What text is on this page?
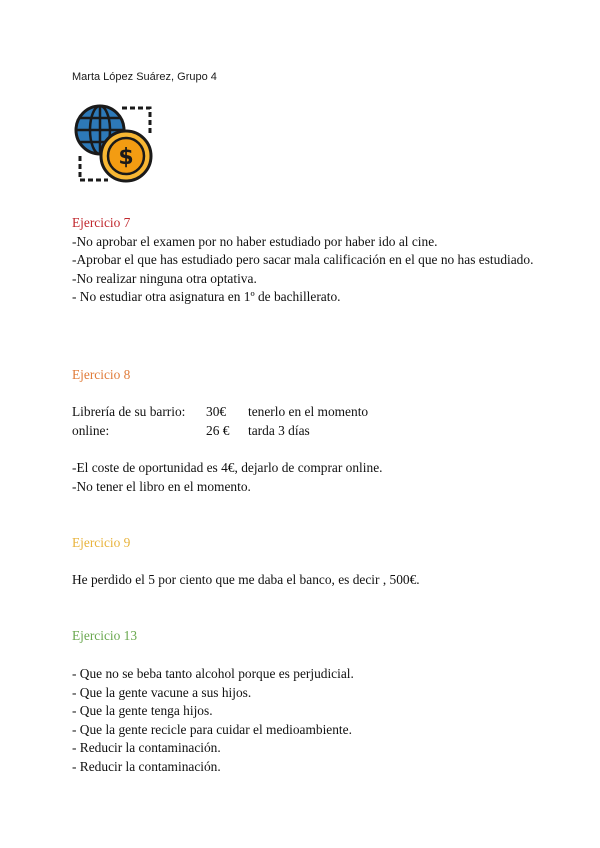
Marta López Suárez, Grupo 4
$
Ejercicio 7
-No aprobar el examen por no haber estudiado por haber ido al cine.
-Aprobar el que has estudiado pero sacar mala calificación en el que no has estudiado.
-No realizar ninguna otra optativa.
- No estudiar otra asignatura en 1º de bachillerato.
Ejercicio 8
Librería de su barrio:	30€	tenerlo en el momento
online:	26 €	tarda 3 días
-El coste de oportunidad es 4€, dejarlo de comprar online.
-No tener el libro en el momento.
Ejercicio 9
He perdido el 5 por ciento que me daba el banco, es decir , 500€.
Ejercicio 13
- Que no se beba tanto alcohol porque es perjudicial.
- Que la gente vacune a sus hijos.
- Que la gente tenga hijos.
- Que la gente recicle para cuidar el medioambiente.
- Reducir la contaminación.
- Reducir la contaminación.
